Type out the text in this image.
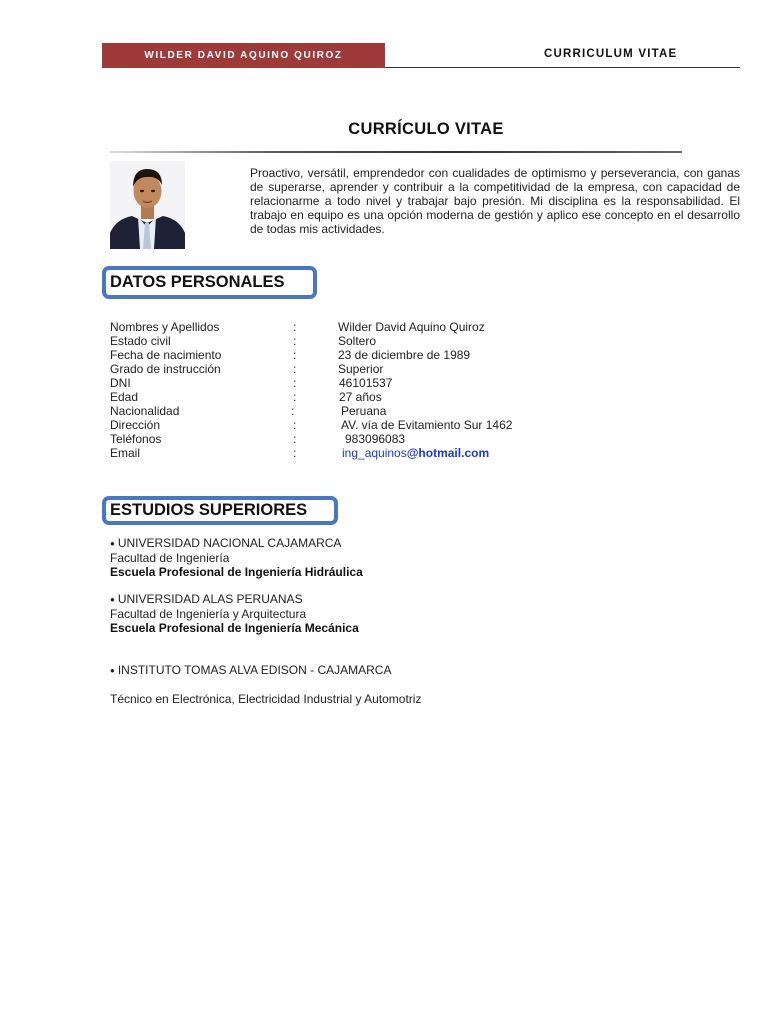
WILDER DAVID AQUINO QUIROZ	CURRICULUM VITAE
CURRÍCULO VITAE
Proactivo, versátil, emprendedor con cualidades de optimismo y perseverancia, con ganas de superarse, aprender y contribuir a la competitividad de la empresa, con capacidad de relacionarme a todo nivel y trabajar bajo presión. Mi disciplina es la responsabilidad. El trabajo en equipo es una opción moderna de gestión y aplico ese concepto en el desarrollo de todas mis actividades.
DATOS PERSONALES
Nombres y Apellidos	:	Wilder David Aquino Quiroz
Estado civil	:	Soltero
Fecha de nacimiento	:	23 de diciembre de 1989
Grado de instrucción	:	Superior
DNI	:	46101537
Edad	:	27 años
Nacionalidad	:	Peruana
Dirección	:	AV. vía de Evitamiento Sur 1462
Teléfonos	:	983096083
Email	:	ing_aquinos@hotmail.com
ESTUDIOS SUPERIORES
● UNIVERSIDAD NACIONAL CAJAMARCA
Facultad de Ingeniería
Escuela Profesional de Ingeniería Hidráulica
● UNIVERSIDAD ALAS PERUANAS
Facultad de Ingeniería y Arquitectura
Escuela Profesional de Ingeniería Mecánica
● INSTITUTO TOMAS ALVA EDISON - CAJAMARCA
Técnico en Electrónica, Electricidad Industrial y Automotriz
